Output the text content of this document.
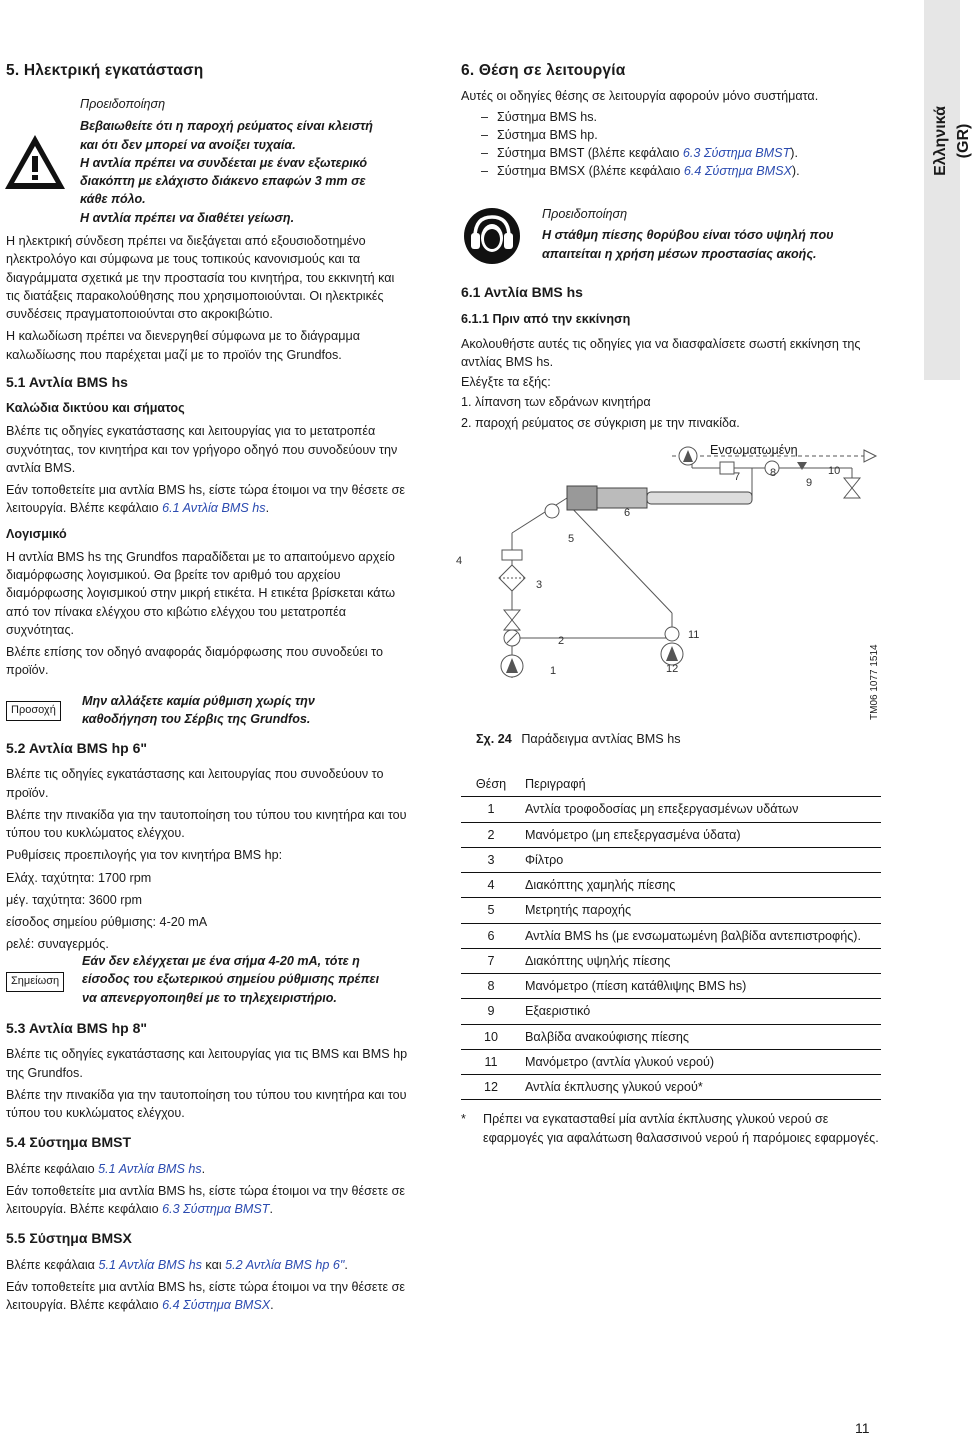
Ελληνικά (GR)
5. Ηλεκτρική εγκατάσταση

Προειδοποίηση

Βεβαιωθείτε ότι η παροχή ρεύματος είναι κλειστή

και ότι δεν μπορεί να ανοίξει τυχαία.

Η αντλία πρέπει να συνδέεται με έναν εξωτερικό

διακόπτη με ελάχιστο διάκενο επαφών 3 mm σε

κάθε πόλο.

Η αντλία πρέπει να διαθέτει γείωση.

Η ηλεκτρική σύνδεση πρέπει να διεξάγεται από εξουσιοδοτημένο ηλεκτρολόγο και σύμφωνα με τους τοπικούς κανονισμούς και τα διαγράμματα σχετικά με την προστασία του κινητήρα, του εκκινητή και τις διατάξεις παρακολούθησης που χρησιμοποιούνται. Οι ηλεκτρικές συνδέσεις πραγματοποιούνται στο ακροκιβώτιο.

Η καλωδίωση πρέπει να διενεργηθεί σύμφωνα με το διάγραμμα καλωδίωσης που παρέχεται μαζί με το προϊόν της Grundfos.

5.1 Αντλία BMS hs
Καλώδια δικτύου και σήματος

Βλέπε τις οδηγίες εγκατάστασης και λειτουργίας για το μετατροπέα συχνότητας, τον κινητήρα και τον γρήγορο οδηγό που συνοδεύουν την αντλία BMS.

Εάν τοποθετείτε μια αντλία BMS hs, είστε τώρα έτοιμοι να την θέσετε σε λειτουργία. Βλέπε κεφάλαιο 6.1 Αντλία BMS hs.

Λογισμικό

Η αντλία BMS hs της Grundfos παραδίδεται με το απαιτούμενο αρχείο διαμόρφωσης λογισμικού. Θα βρείτε τον αριθμό του αρχείου διαμόρφωσης λογισμικού στην μικρή ετικέτα. Η ετικέτα βρίσκεται κάτω από τον πίνακα ελέγχου στο κιβώτιο ελέγχου του μετατροπέα συχνότητας.

Βλέπε επίσης τον οδηγό αναφοράς διαμόρφωσης που συνοδεύει το προϊόν.

Προσοχή

Μην αλλάξετε καμία ρύθμιση χωρίς την

καθοδήγηση του Σέρβις της Grundfos.

5.2 Αντλία BMS hp 6"

Βλέπε τις οδηγίες εγκατάστασης και λειτουργίας που συνοδεύουν το προϊόν.

Βλέπε την πινακίδα για την ταυτοποίηση του τύπου του κινητήρα και του τύπου του κυκλώματος ελέγχου.

Ρυθμίσεις προεπιλογής για τον κινητήρα BMS hp:

Ελάχ. ταχύτητα: 1700 rpm

μέγ. ταχύτητα: 3600 rpm

είσοδος σημείου ρύθμισης: 4-20 mA

ρελέ: συναγερμός.

Σημείωση

Εάν δεν ελέγχεται με ένα σήμα 4-20 mA, τότε η

είσοδος του εξωτερικού σημείου ρύθμισης πρέπει

να απενεργοποιηθεί με το τηλεχειριστήριο.

5.3 Αντλία BMS hp 8"

Βλέπε τις οδηγίες εγκατάστασης και λειτουργίας για τις BMS και BMS hp της Grundfos.

Βλέπε την πινακίδα για την ταυτοποίηση του τύπου του κινητήρα και του τύπου του κυκλώματος ελέγχου.

5.4 Σύστημα BMST

Βλέπε κεφάλαιο 5.1 Αντλία BMS hs.

Εάν τοποθετείτε μια αντλία BMS hs, είστε τώρα έτοιμοι να την θέσετε σε λειτουργία. Βλέπε κεφάλαιο 6.3 Σύστημα BMST.

5.5 Σύστημα BMSX

Βλέπε κεφάλαια 5.1 Αντλία BMS hs και 5.2 Αντλία BMS hp 6".

Εάν τοποθετείτε μια αντλία BMS hs, είστε τώρα έτοιμοι να την θέσετε σε λειτουργία. Βλέπε κεφάλαιο 6.4 Σύστημα BMSX.

6. Θέση σε λειτουργία

Αυτές οι οδηγίες θέσης σε λειτουργία αφορούν μόνο συστήματα.

– Σύστημα BMS hs.
– Σύστημα BMS hp.
– Σύστημα BMST (βλέπε κεφάλαιο 6.3 Σύστημα BMST).
– Σύστημα BMSX (βλέπε κεφάλαιο 6.4 Σύστημα BMSX).

Προειδοποίηση

Η στάθμη πίεσης θορύβου είναι τόσο υψηλή που

απαιτείται η χρήση μέσων προστασίας ακοής.

6.1 Αντλία BMS hs
6.1.1 Πριν από την εκκίνηση

Ακολουθήστε αυτές τις οδηγίες για να διασφαλίσετε σωστή εκκίνηση της αντλίας BMS hs.

Ελέγξτε τα εξής:

1. λίπανση των εδράνων κινητήρα

2. παροχή ρεύματος σε σύγκριση με την πινακίδα.

1
2
3
4
5
6
7	8
9
10
11
12
Ενσωματωμένη
TM06 1077 1514
Σχ. 24 Παράδειγμα αντλίας BMS hs
Θέση	Περιγραφή
1	Αντλία τροφοδοσίας μη επεξεργασμένων υδάτων
2	Μανόμετρο (μη επεξεργασμένα ύδατα)
3	Φίλτρο
4	Διακόπτης χαμηλής πίεσης
5	Μετρητής παροχής
6	Αντλία BMS hs (με ενσωματωμένη βαλβίδα αντεπιστροφής).
7	Διακόπτης υψηλής πίεσης
8	Μανόμετρο (πίεση κατάθλιψης BMS hs)
9	Εξαεριστικό
10	Βαλβίδα ανακούφισης πίεσης
11	Μανόμετρο (αντλία γλυκού νερού)
12	Αντλία έκπλυσης γλυκού νερού*
* Πρέπει να εγκατασταθεί μία αντλία έκπλυσης γλυκού νερού σε εφαρμογές για αφαλάτωση θαλασσινού νερού ή παρόμοιες εφαρμογές.

11
